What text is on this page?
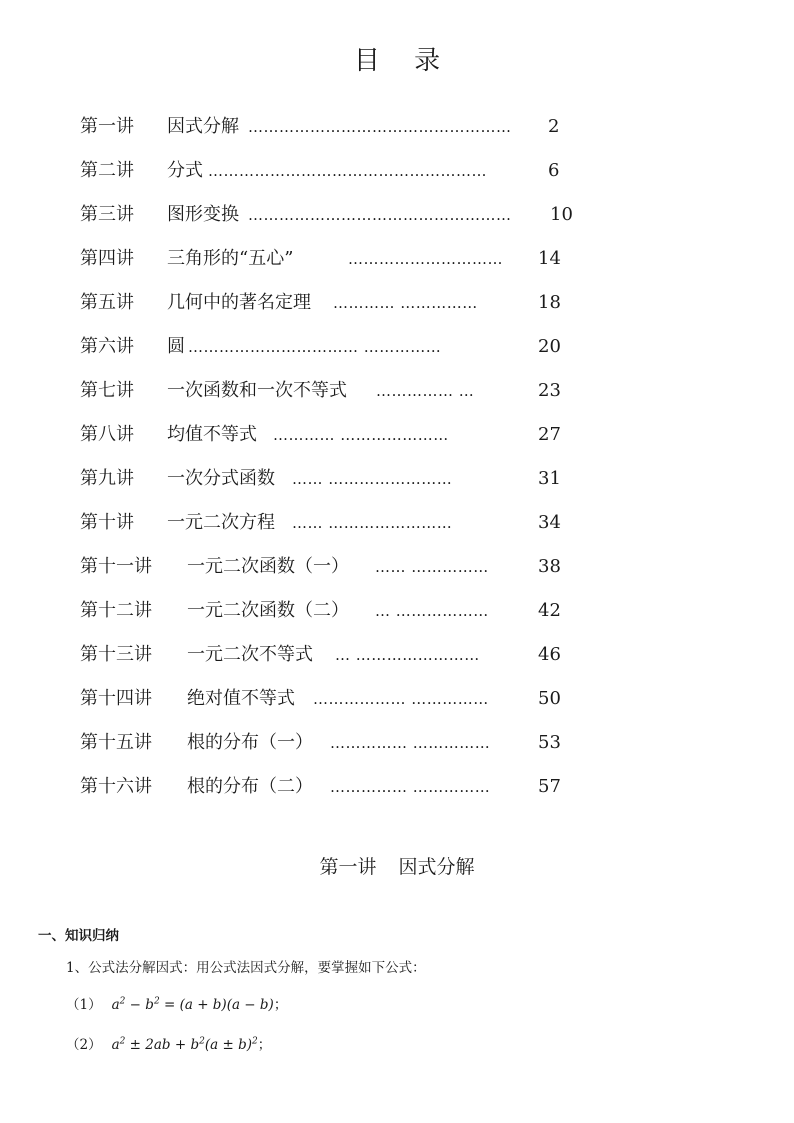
目 录
第一讲 因式分解 …………………………………………… 2
第二讲 分式 ………………………………………………	6
第三讲 图形变换 …………………………………………… 10
第四讲 三角形的“五心”	………………………… 14
第五讲 几何中的著名定理 ………… ……………	18
第六讲 圆 …………………………… ……………	20
第七讲 一次函数和一次不等式 …………… …	23
第八讲 均值不等式 ………… …………………	27
第九讲 一次分式函数 …… ……………………	31
第十讲 一元二次方程 …… ……………………	34
第十一讲 一元二次函数（一） …… ……………	38
第十二讲 一元二次函数（二） … ………………	42
第十三讲 一元二次不等式 … ……………………	46
第十四讲 绝对值不等式 ……………… ……………	50
第十五讲 根的分布（一） …………… ……………	53
第十六讲 根的分布（二） …………… ……………	57
第一讲 因式分解
一、知识归纳
1、公式法分解因式：用公式法因式分解，要掌握如下公式：
（1） $a^2 - b^2 = (a + b)(a - b)$；
（2） $a^2 \pm 2ab + b^2(a \pm b)^2$；
